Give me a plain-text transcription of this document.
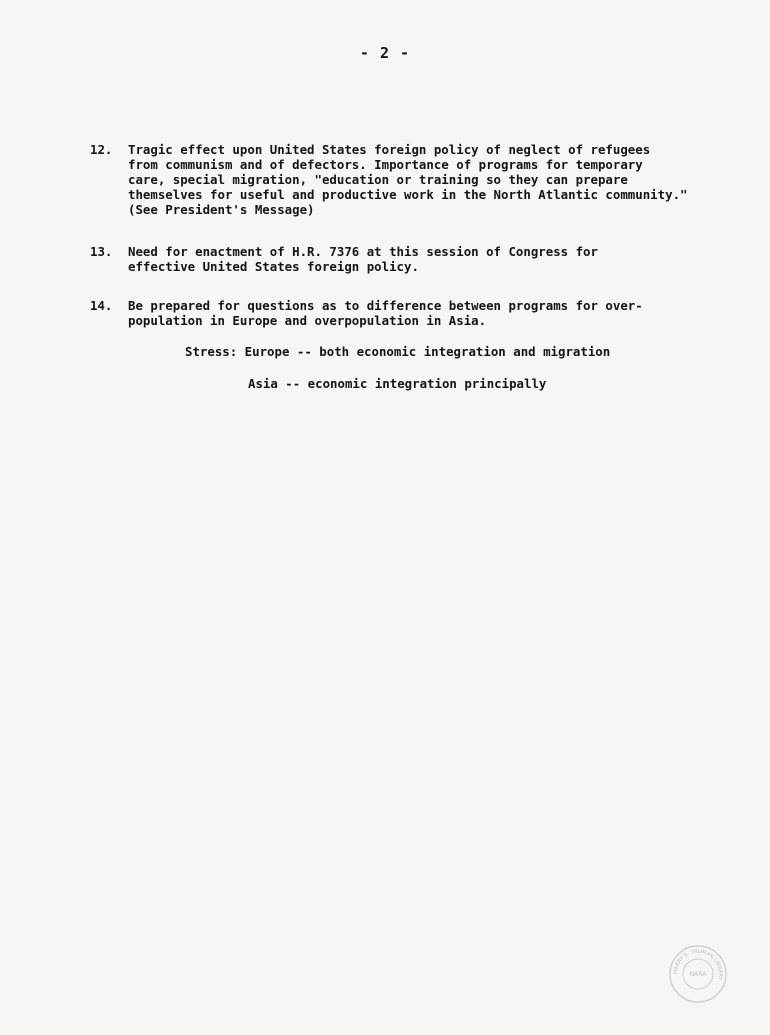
- 2 -
12.	Tragic effect upon United States foreign policy of neglect of refugees
from communism and of defectors. Importance of programs for temporary
care, special migration, "education or training so they can prepare
themselves for useful and productive work in the North Atlantic community."
(See President's Message)
13.	Need for enactment of H.R. 7376 at this session of Congress for
effective United States foreign policy.
14.	Be prepared for questions as to difference between programs for over-
population in Europe and overpopulation in Asia.
Stress: Europe -- both economic integration and migration
Asia -- economic integration principally
HARRY S. TRUMAN LIBRARY
NARA
